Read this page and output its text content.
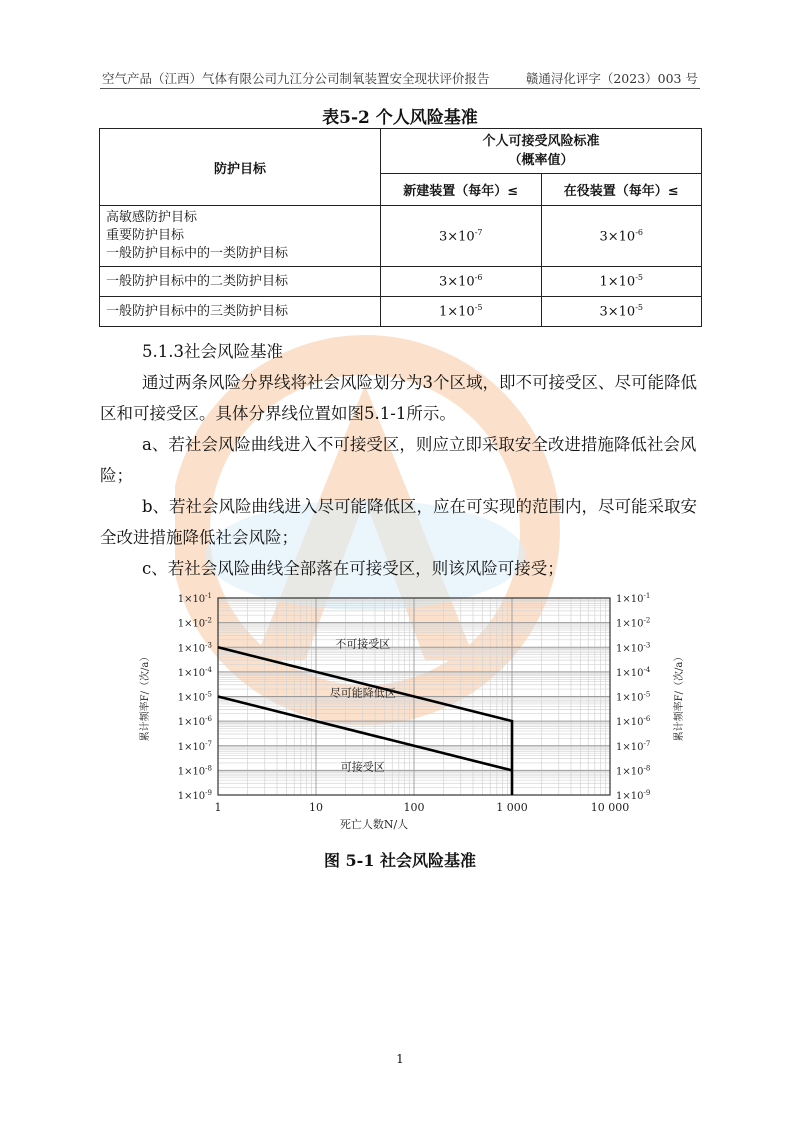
空气产品（江西）气体有限公司九江分公司制氧装置安全现状评价报告	赣通浔化评字（2023）003 号
表5-2 个人风险基准
防护目标	个人可接受风险标准
（概率值）	

	新建装置（每年）≤	在役装置（每年）≤

高敏感防护目标
重要防护目标
一般防护目标中的一类防护目标	$3\times 10^{-7}$	$3\times 10^{-6}$

一般防护目标中的二类防护目标	$3\times 10^{-6}$	$1\times 10^{-5}$

一般防护目标中的三类防护目标	$1\times 10^{-5}$	$3\times 10^{-5}$
5.1.3社会风险基准
通过两条风险分界线将社会风险划分为3个区域，即不可接受区、尽可能降低区和可接受区。具体分界线位置如图5.1-1所示。
a、若社会风险曲线进入不可接受区，则应立即采取安全改进措施降低社会风险；
b、若社会风险曲线进入尽可能降低区，应在可实现的范围内，尽可能采取安全改进措施降低社会风险；
c、若社会风险曲线全部落在可接受区，则该风险可接受；
$1\times 10^{-1}$	$1\times 10^{-1}$
$1\times 10^{-2}$	$1\times 10^{-2}$
$1\times 10^{-3}$	$1\times 10^{-3}$
$1\times 10^{-4}$	$1\times 10^{-4}$
$1\times 10^{-5}$	$1\times 10^{-5}$
$1\times 10^{-6}$	$1\times 10^{-6}$
$1\times 10^{-7}$	$1\times 10^{-7}$
$1\times 10^{-8}$	$1\times 10^{-8}$
$1\times 10^{-9}$	$1\times 10^{-9}$
1	10	100	1 000	10 000
死亡人数N/人
累计频率F/（次/a）	累计频率F/（次/a）
不可接受区
尽可能降低区
可接受区
图 5-1 社会风险基准
1
